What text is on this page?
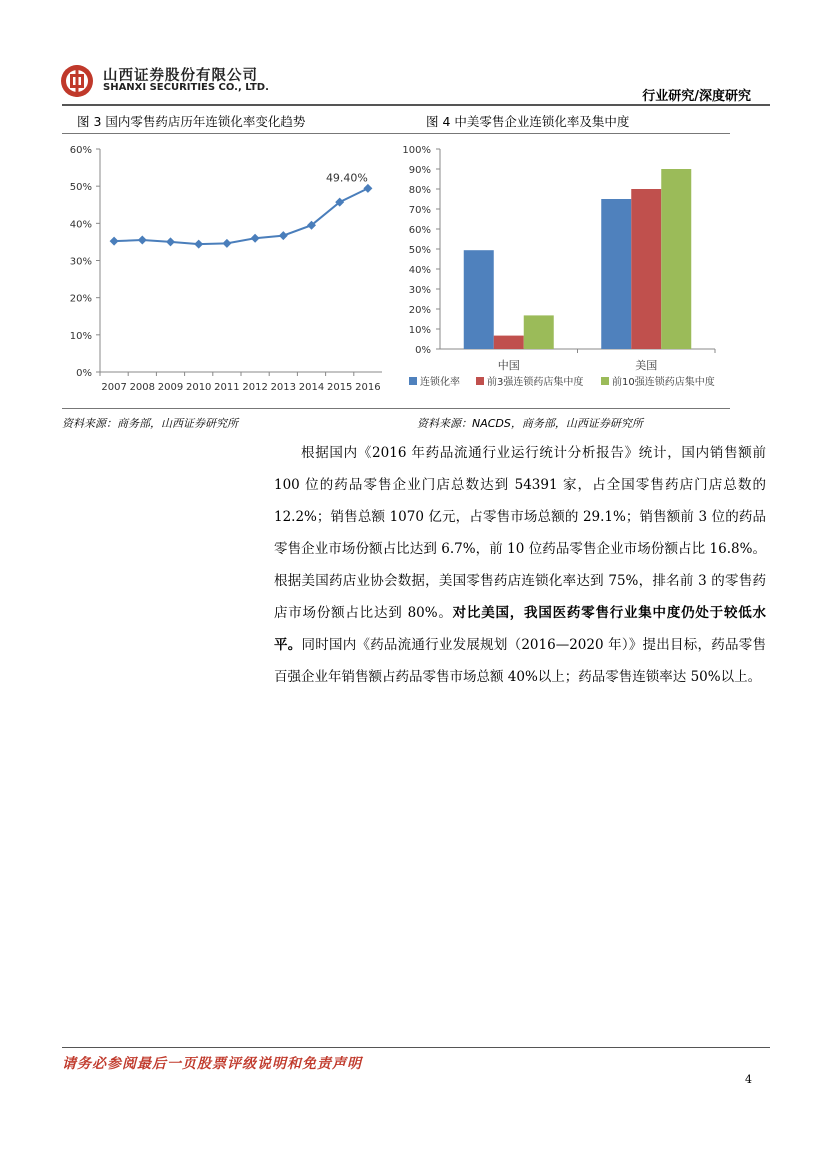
山西证券股份有限公司
SHANXI SECURITIES CO., LTD.
行业研究/深度研究
图 3 国内零售药店历年连锁化率变化趋势	图 4 中美零售企业连锁化率及集中度
0%
10%
20%
30%
40%
50%
60%
2007 2008 2009 2010 2011 2012 2013 2014 2015 2016
49.40%
0%
10%
20%
30%
40%
50%
60%
70%
80%
90%
100%
中国	美国
连锁化率	前3强连锁药店集中度	前10强连锁药店集中度
资料来源：商务部，山西证券研究所	资料来源：NACDS，商务部，山西证券研究所

根据国内《2016 年药品流通行业运行统计分析报告》统计，国内销售额前 100 位的药品零售企业门店总数达到 54391 家，占全国零售药店门店总数的 12.2%；销售总额 1070 亿元，占零售市场总额的 29.1%；销售额前 3 位的药品零售企业市场份额占比达到 6.7%，前 10 位药品零售企业市场份额占比 16.8%。根据美国药店业协会数据，美国零售药店连锁化率达到 75%，排名前 3 的零售药店市场份额占比达到 80%。对比美国，我国医药零售行业集中度仍处于较低水平。同时国内《药品流通行业发展规划（2016—2020 年）》提出目标，药品零售百强企业年销售额占药品零售市场总额 40%以上；药品零售连锁率达 50%以上。

请务必参阅最后一页股票评级说明和免责声明
4
